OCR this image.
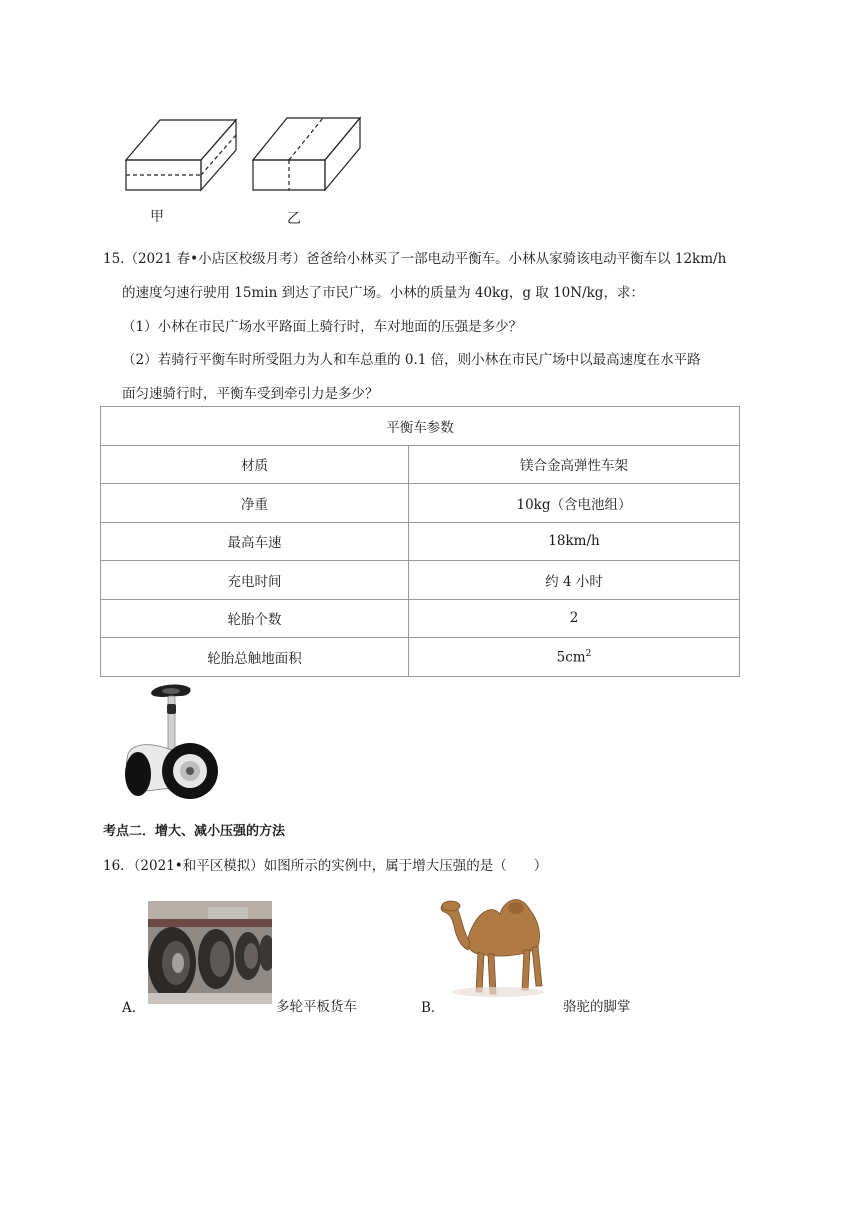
甲	乙
15.（2021 春•小店区校级月考）爸爸给小林买了一部电动平衡车。小林从家骑该电动平衡车以 12km/h
的速度匀速行驶用 15min 到达了市民广场。小林的质量为 40kg，g 取 10N/kg，求：
（1）小林在市民广场水平路面上骑行时，车对地面的压强是多少？
（2）若骑行平衡车时所受阻力为人和车总重的 0.1 倍，则小林在市民广场中以最高速度在水平路
面匀速骑行时，平衡车受到牵引力是多少？
平衡车参数	
材质	镁合金高弹性车架
净重	10kg（含电池组）
最高车速	18km/h
充电时间	约 4 小时
轮胎个数	2
轮胎总触地面积	$5cm^2$
考点二．增大、减小压强的方法
16．（2021•和平区模拟）如图所示的实例中，属于增大压强的是（　　）
A．	多轮平板货车	B．	骆驼的脚掌
